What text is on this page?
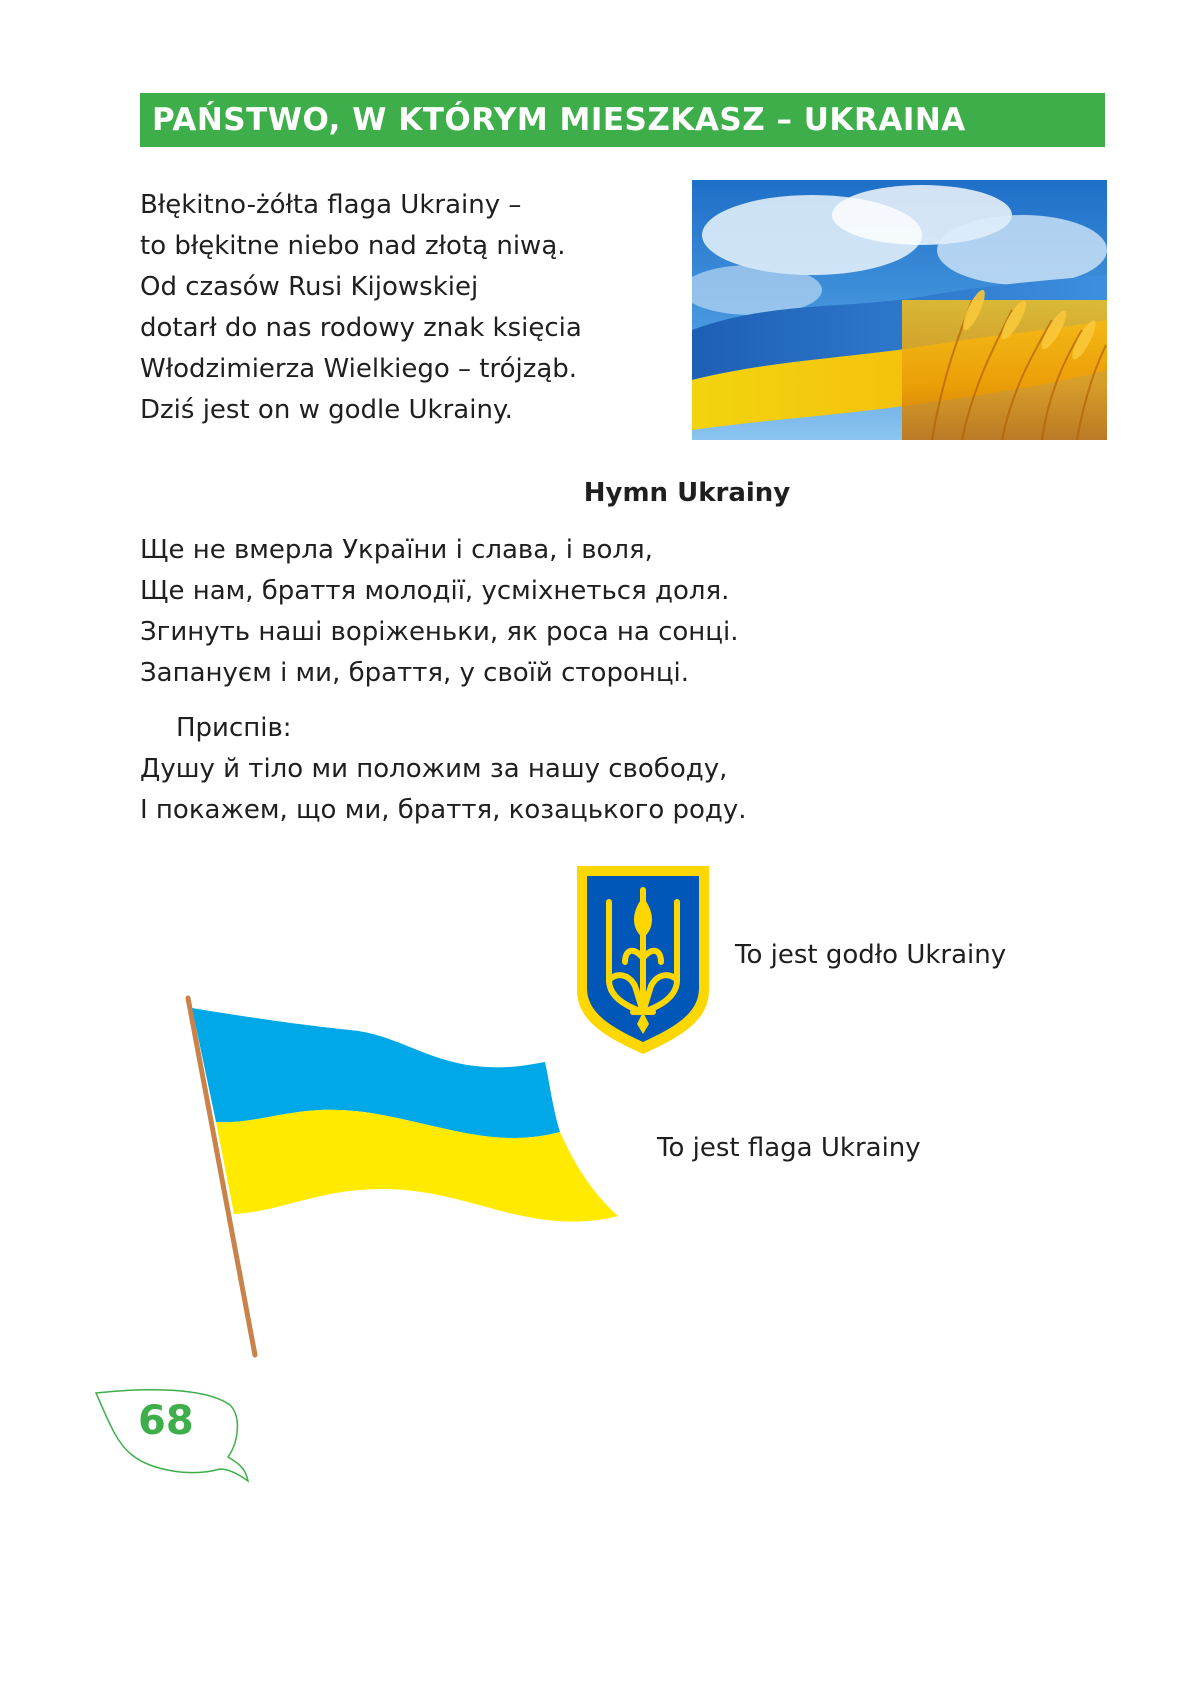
PAŃSTWO, W KTÓRYM MIESZKASZ – UKRAINA
Błękitno-żółta flaga Ukrainy –
to błękitne niebo nad złotą niwą.
Od czasów Rusi Kijowskiej
dotarł do nas rodowy znak księcia
Włodzimierza Wielkiego – trójząb.
Dziś jest on w godle Ukrainy.
Hymn Ukrainy
Ще не вмерла України і слава, і воля,
Ще нам, браття молодії, усміхнеться доля.
Згинуть наші воріженьки, як роса на сонці.
Запануєм і ми, браття, у своїй сторонці.
Приспів:
Душу й тіло ми положим за нашу свободу,
І покажем, що ми, браття, козацького роду.
To jest godło Ukrainy
To jest flaga Ukrainy
68
